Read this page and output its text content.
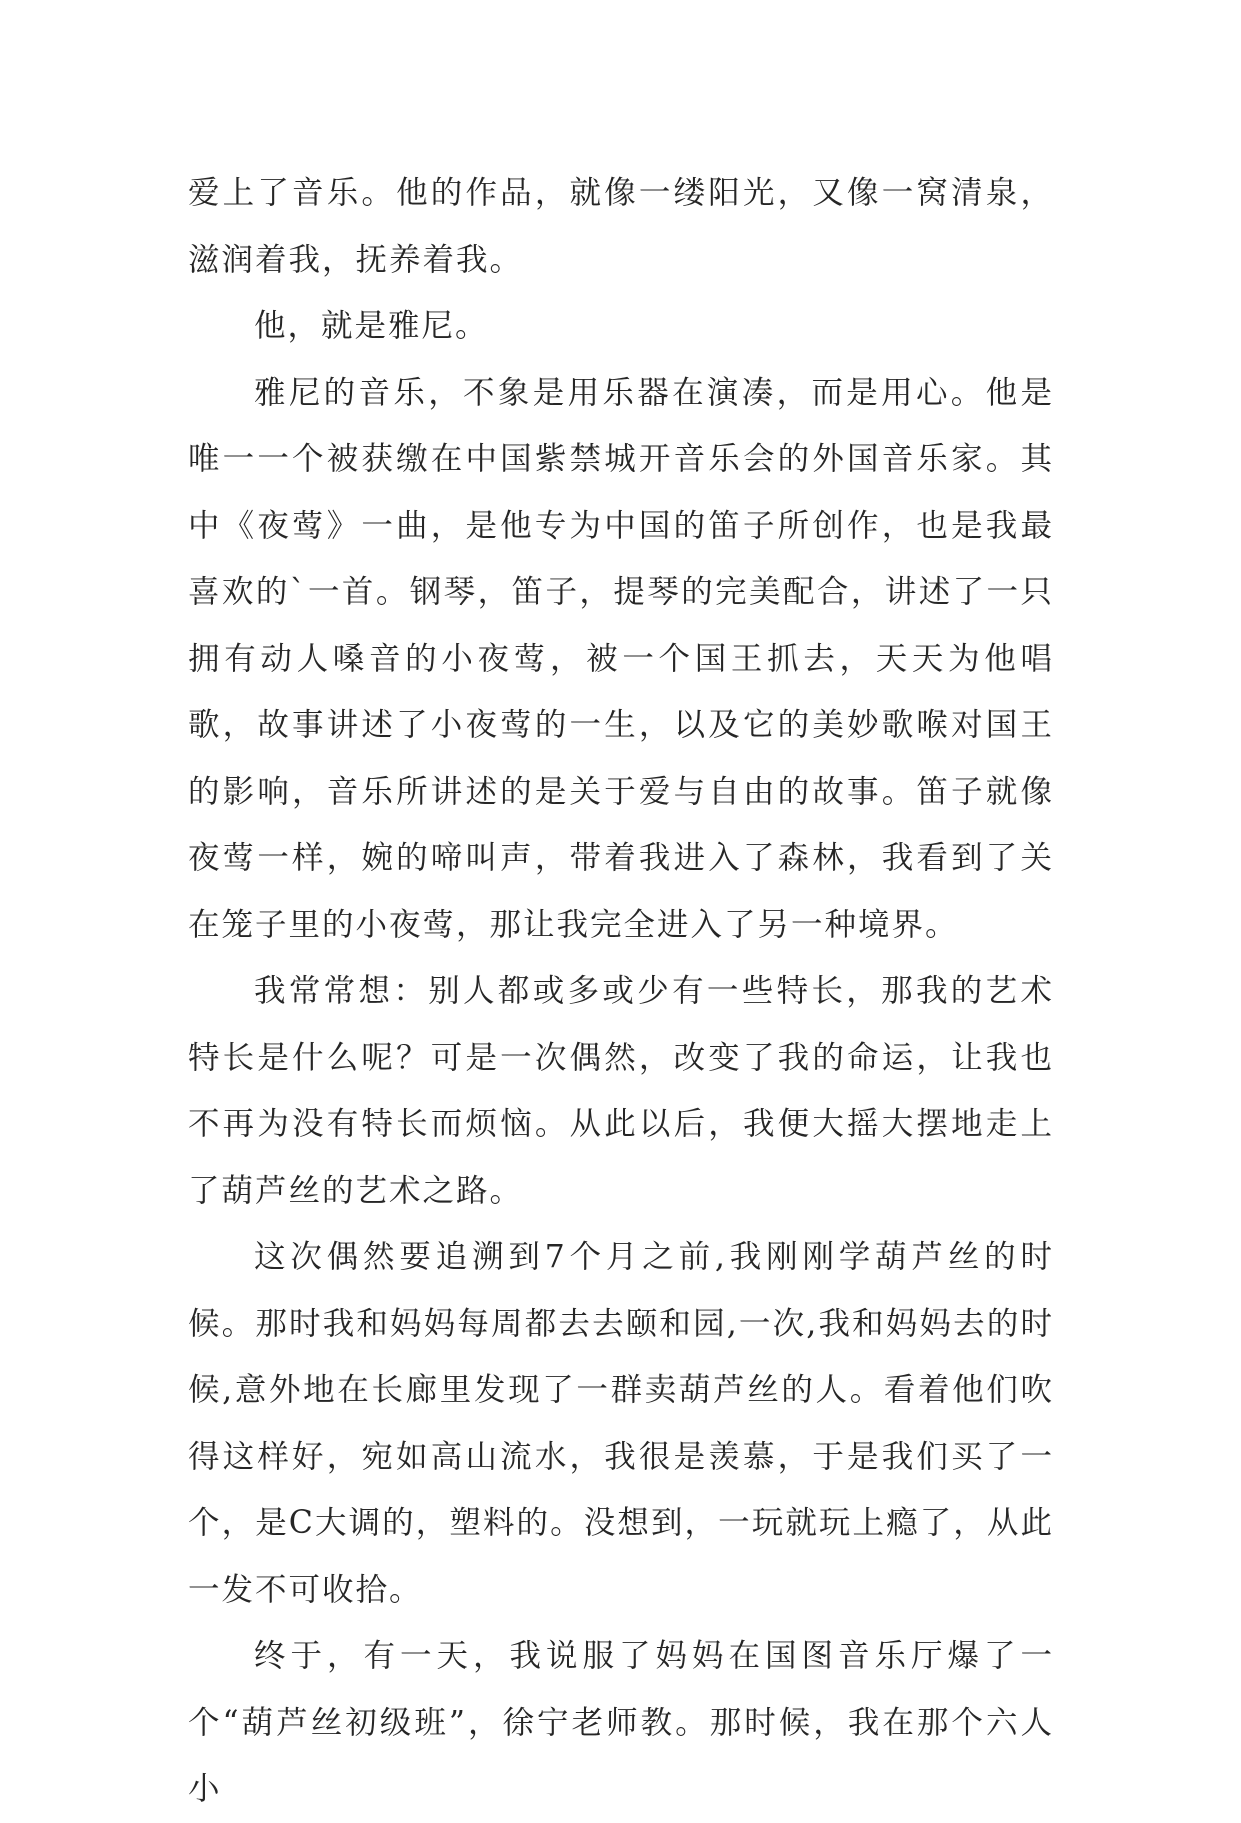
爱上了音乐。他的作品，就像一缕阳光，又像一窝清泉，滋润着我，抚养着我。

他，就是雅尼。

雅尼的音乐，不象是用乐器在演凑，而是用心。他是唯一一个被获缴在中国紫禁城开音乐会的外国音乐家。其中《夜莺》一曲，是他专为中国的笛子所创作，也是我最喜欢的`一首。钢琴，笛子，提琴的完美配合，讲述了一只拥有动人嗓音的小夜莺，被一个国王抓去，天天为他唱歌，故事讲述了小夜莺的一生，以及它的美妙歌喉对国王的影响，音乐所讲述的是关于爱与自由的故事。笛子就像夜莺一样，婉的啼叫声，带着我进入了森林，我看到了关在笼子里的小夜莺，那让我完全进入了另一种境界。

我常常想：别人都或多或少有一些特长，那我的艺术特长是什么呢？可是一次偶然，改变了我的命运，让我也不再为没有特长而烦恼。从此以后，我便大摇大摆地走上了葫芦丝的艺术之路。

这次偶然要追溯到7个月之前,我刚刚学葫芦丝的时候。那时我和妈妈每周都去去颐和园,一次,我和妈妈去的时候,意外地在长廊里发现了一群卖葫芦丝的人。看着他们吹得这样好，宛如高山流水，我很是羡慕，于是我们买了一个，是C大调的，塑料的。没想到，一玩就玩上瘾了，从此一发不可收拾。

终于，有一天，我说服了妈妈在国图音乐厅爆了一个“葫芦丝初级班”，徐宁老师教。那时候，我在那个六人小
